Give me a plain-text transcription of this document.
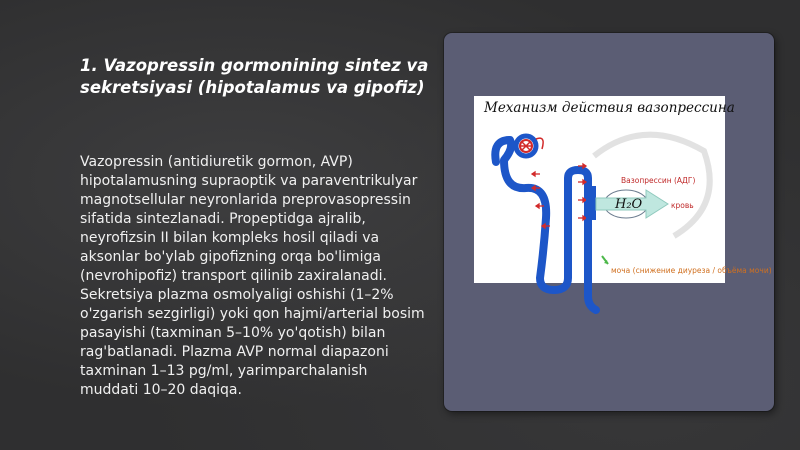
1. Vazopressin gormonining sintez va sekretsiyasi (hipotalamus va gipofiz)

Vazopressin (antidiuretik gormon, AVP) hipotalamusning supraoptik va paraventrikulyar magnotsellular neyronlarida preprovasopressin sifatida sintezlanadi. Propeptidga ajralib, neyrofizsin II bilan kompleks hosil qiladi va aksonlar bo'ylab gipofizning orqa bo'limiga (nevrohipofiz) transport qilinib zaxiralanadi. Sekretsiya plazma osmolyaligi oshishi (1–2% o'zgarish sezgirligi) yoki qon hajmi/arterial bosim pasayishi (taxminan 5–10% yo'qotish) bilan rag'batlanadi. Plazma AVP normal diapazoni taxminan 1–13 pg/ml, yarimparchalanish muddati 10–20 daqiqa.

Механизм действия вазопрессина
Вазопрессин (АДГ)
H₂O	кровь
моча (снижение диуреза / объёма мочи)
